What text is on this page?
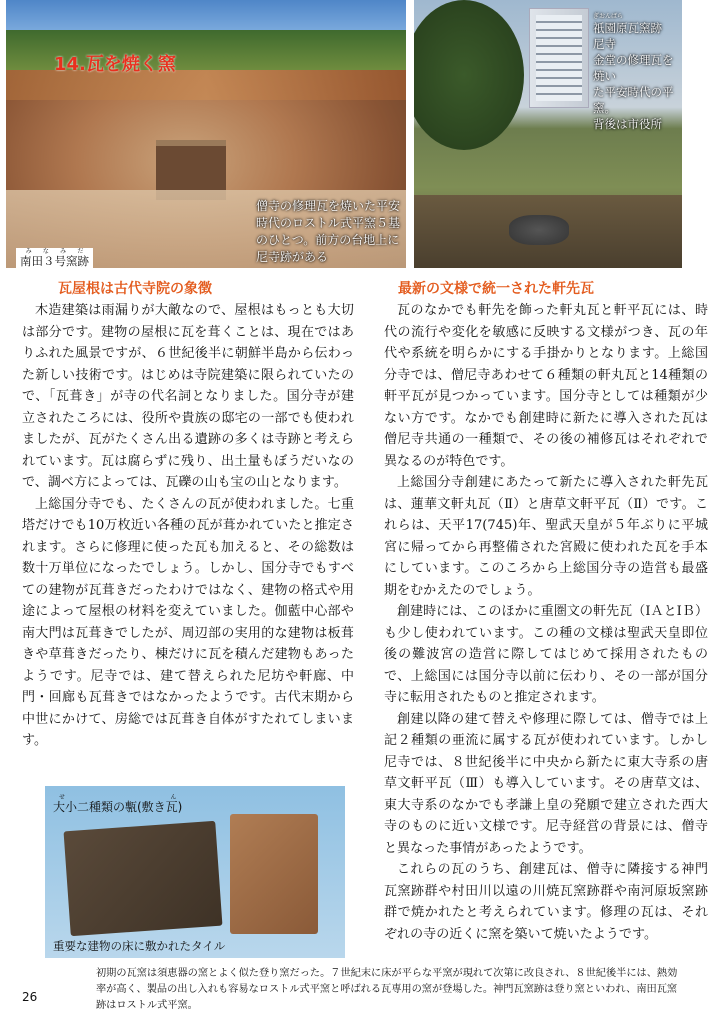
14.瓦を焼く窯
僧寺の修理瓦を焼いた平安
時代のロストル式平窯５基
のひとつ。前方の台地上に
尼寺跡がある
南田３号窯跡みなみだ
ぎおんばら
祇園原瓦窯跡　尼寺
金堂の修理瓦を焼い
た平安時代の平窯。
背後は市役所
瓦屋根は古代寺院の象徴	最新の文様で統一された軒先瓦

木造建築は雨漏りが大敵なので、屋根はもっとも大切は部分です。建物の屋根に瓦を葺くことは、現在ではありふれた風景ですが、６世紀後半に朝鮮半島から伝わった新しい技術です。はじめは寺院建築に限られていたので、「瓦葺き」が寺の代名詞となりました。国分寺が建立されたころには、役所や貴族の邸宅の一部でも使われましたが、瓦がたくさん出る遺跡の多くは寺跡と考えられています。瓦は腐らずに残り、出土量もぼうだいなので、調べ方によっては、瓦礫の山も宝の山となります。

上総国分寺でも、たくさんの瓦が使われました。七重塔だけでも10万枚近い各種の瓦が葺かれていたと推定されます。さらに修理に使った瓦も加えると、その総数は数十万単位になったでしょう。しかし、国分寺でもすべての建物が瓦葺きだったわけではなく、建物の格式や用途によって屋根の材料を変えていました。伽藍中心部や南大門は瓦葺きでしたが、周辺部の実用的な建物は板葺きや草葺きだったり、棟だけに瓦を積んだ建物もあったようです。尼寺では、建て替えられた尼坊や軒廊、中門・回廊も瓦葺きではなかったようです。古代末期から中世にかけて、房総では瓦葺き自体がすたれてしまいます。

瓦のなかでも軒先を飾った軒丸瓦と軒平瓦には、時代の流行や変化を敏感に反映する文様がつき、瓦の年代や系統を明らかにする手掛かりとなります。上総国分寺では、僧尼寺あわせて６種類の軒丸瓦と14種類の軒平瓦が見つかっています。国分寺としては種類が少ない方です。なかでも創建時に新たに導入された瓦は僧尼寺共通の一種類で、その後の補修瓦はそれぞれで異なるのが特色です。

上総国分寺創建にあたって新たに導入された軒先瓦は、蓮華文軒丸瓦（Ⅱ）と唐草文軒平瓦（Ⅱ）です。これらは、天平17(745)年、聖武天皇が５年ぶりに平城宮に帰ってから再整備された宮殿に使われた瓦を手本にしています。このころから上総国分寺の造営も最盛期をむかえたのでしょう。

創建時には、このほかに重圏文の軒先瓦（ⅠＡとⅠＢ）も少し使われています。この種の文様は聖武天皇即位後の難波宮の造営に際してはじめて採用されたもので、上総国には国分寺以前に伝わり、その一部が国分寺に転用されたものと推定されます。

創建以降の建て替えや修理に際しては、僧寺では上記２種類の亜流に属する瓦が使われています。しかし尼寺では、８世紀後半に中央から新たに東大寺系の唐草文軒平瓦（Ⅲ）も導入しています。その唐草文は、東大寺系のなかでも孝謙上皇の発願で建立された西大寺のものに近い文様です。尼寺経営の背景には、僧寺と異なった事情があったようです。

これらの瓦のうち、創建瓦は、僧寺に隣接する神門瓦窯跡群や村田川以遠の川焼瓦窯跡群や南河原坂窯跡群で焼かれたと考えられています。修理の瓦は、それぞれの寺の近くに窯を築いて焼いたようです。

大小二種類の甎(敷き瓦)せん
重要な建物の床に敷かれたタイル
初期の瓦窯は須恵器の窯とよく似た登り窯だった。７世紀末に床が平らな平窯が現れて次第に改良され、８世紀後半には、熱効率が高く、製品の出し入れも容易なロストル式平窯と呼ばれる瓦専用の窯が登場した。神門瓦窯跡は登り窯といわれ、南田瓦窯跡はロストル式平窯。
26
